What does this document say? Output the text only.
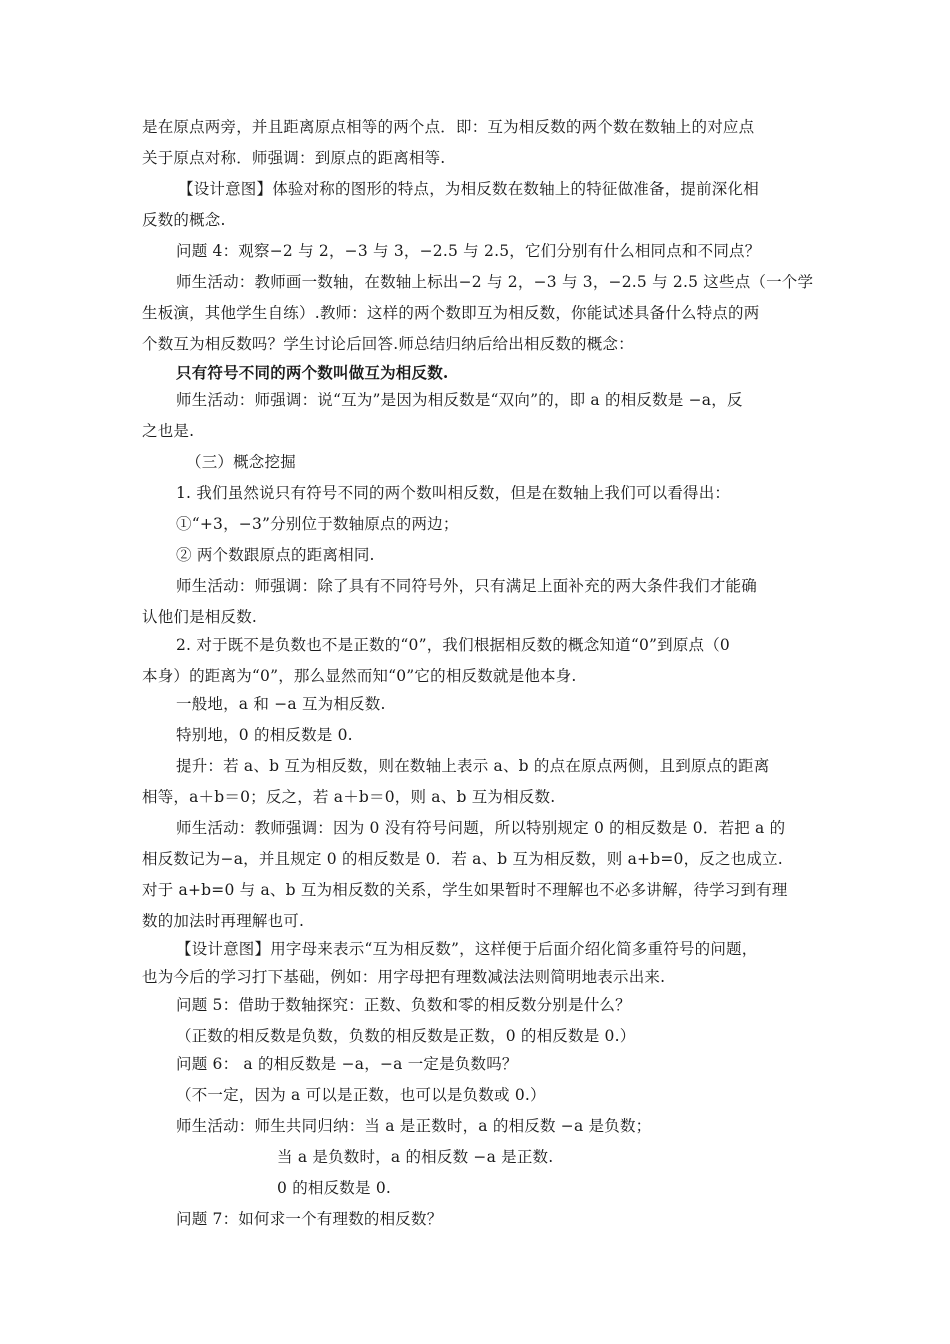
是在原点两旁，并且距离原点相等的两个点．即：互为相反数的两个数在数轴上的对应点
关于原点对称．师强调：到原点的距离相等.
【设计意图】体验对称的图形的特点，为相反数在数轴上的特征做准备，提前深化相
反数的概念.
问题 4：观察−2 与 2，−3 与 3，−2.5 与 2.5，它们分别有什么相同点和不同点？
师生活动：教师画一数轴，在数轴上标出−2 与 2，−3 与 3，−2.5 与 2.5 这些点（一个学
生板演，其他学生自练）.教师：这样的两个数即互为相反数，你能试述具备什么特点的两
个数互为相反数吗？学生讨论后回答.师总结归纳后给出相反数的概念：
只有符号不同的两个数叫做互为相反数.
师生活动：师强调：说“互为”是因为相反数是“双向”的，即 a 的相反数是 −a，反
之也是.
（三）概念挖掘
1. 我们虽然说只有符号不同的两个数叫相反数，但是在数轴上我们可以看得出：
①“+3，−3”分别位于数轴原点的两边；
② 两个数跟原点的距离相同.
师生活动：师强调：除了具有不同符号外，只有满足上面补充的两大条件我们才能确
认他们是相反数.
2. 对于既不是负数也不是正数的“0”，我们根据相反数的概念知道“0”到原点（0
本身）的距离为“0”，那么显然而知“0”它的相反数就是他本身.
一般地，a 和 −a 互为相反数.
特别地，0 的相反数是 0.
提升：若 a、b 互为相反数，则在数轴上表示 a、b 的点在原点两侧，且到原点的距离
相等，a＋b＝0；反之，若 a＋b＝0，则 a、b 互为相反数.
师生活动：教师强调：因为 0 没有符号问题，所以特别规定 0 的相反数是 0．若把 a 的
相反数记为−a，并且规定 0 的相反数是 0．若 a、b 互为相反数，则 a+b=0，反之也成立.
对于 a+b=0 与 a、b 互为相反数的关系，学生如果暂时不理解也不必多讲解，待学习到有理
数的加法时再理解也可.
【设计意图】用字母来表示“互为相反数”，这样便于后面介绍化简多重符号的问题，
也为今后的学习打下基础，例如：用字母把有理数减法法则简明地表示出来.
问题 5：借助于数轴探究：正数、负数和零的相反数分别是什么？
（正数的相反数是负数，负数的相反数是正数，0 的相反数是 0.）
问题 6： a 的相反数是 −a，−a 一定是负数吗？
（不一定，因为 a 可以是正数，也可以是负数或 0.）
师生活动：师生共同归纳：当 a 是正数时，a 的相反数 −a 是负数；
当 a 是负数时，a 的相反数 −a 是正数.
0 的相反数是 0.
问题 7：如何求一个有理数的相反数？
